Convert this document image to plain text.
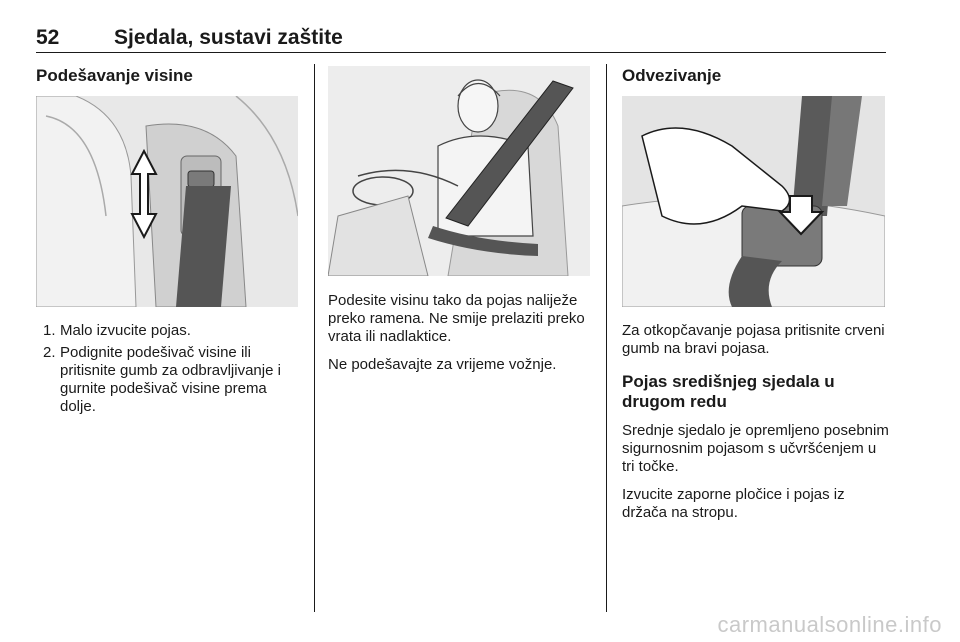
52	Sjedala, sustavi zaštite
Podešavanje visine
1. Malo izvucite pojas.
2. Podignite podešivač visine ili pritisnite gumb za odbravljivanje i gurnite podešivač visine prema dolje.

Podesite visinu tako da pojas naliježe preko ramena. Ne smije prelaziti preko vrata ili nadlaktice.

Ne podešavajte za vrijeme vožnje.

Odvezivanje

Za otkopčavanje pojasa pritisnite crveni gumb na bravi pojasa.

Pojas središnjeg sjedala u drugom redu

Srednje sjedalo je opremljeno posebnim sigurnosnim pojasom s učvršćenjem u tri točke.

Izvucite zaporne pločice i pojas iz držača na stropu.

carmanualsonline.info
